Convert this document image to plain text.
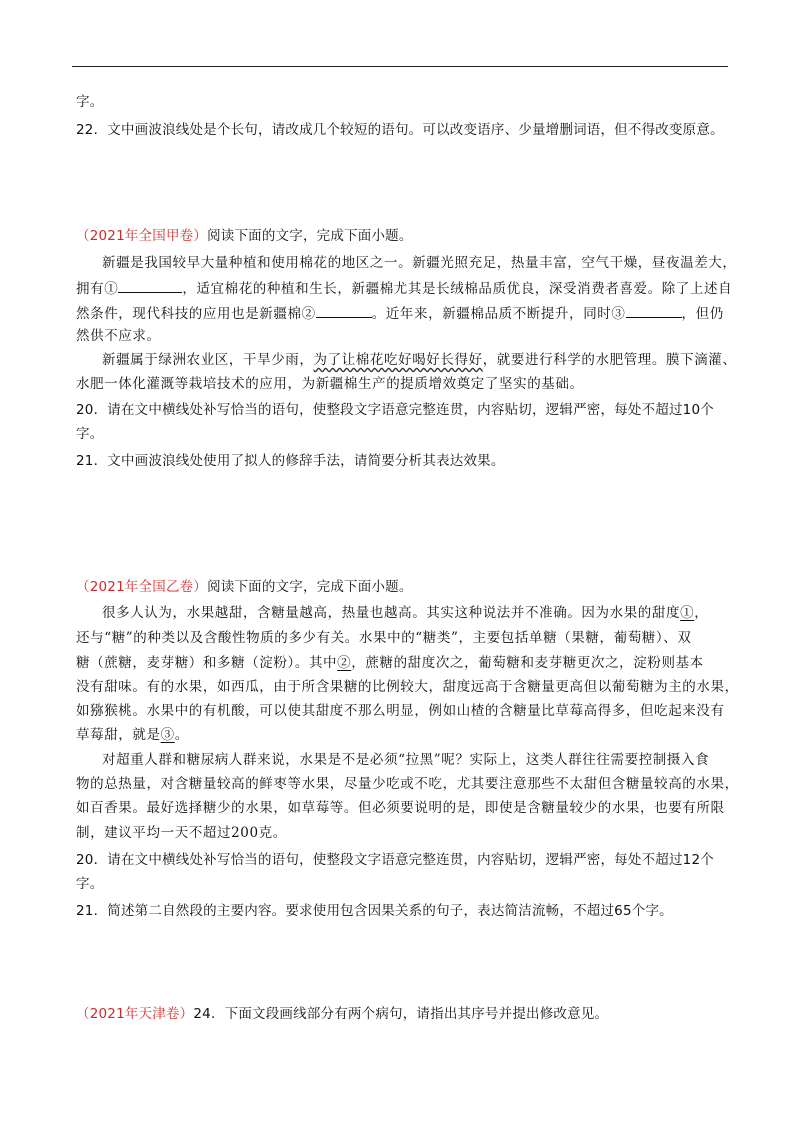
字。
22．文中画波浪线处是个长句，请改成几个较短的语句。可以改变语序、少量增删词语，但不得改变原意。
（2021年全国甲卷）阅读下面的文字，完成下面小题。
新疆是我国较早大量种植和使用棉花的地区之一。新疆光照充足，热量丰富，空气干燥，昼夜温差大，
拥有①	，适宜棉花的种植和生长，新疆棉尤其是长绒棉品质优良，深受消费者喜爱。除了上述自
然条件，现代科技的应用也是新疆棉②	。近年来，新疆棉品质不断提升，同时③	，但仍
然供不应求。
新疆属于绿洲农业区，干旱少雨，为了让棉花吃好喝好长得好，就要进行科学的水肥管理。膜下滴灌、
水肥一体化灌溉等栽培技术的应用，为新疆棉生产的提质增效奠定了坚实的基础。
20．请在文中横线处补写恰当的语句，使整段文字语意完整连贯，内容贴切，逻辑严密，每处不超过10个
字。
21．文中画波浪线处使用了拟人的修辞手法，请简要分析其表达效果。
（2021年全国乙卷）阅读下面的文字，完成下面小题。
很多人认为，水果越甜，含糖量越高，热量也越高。其实这种说法并不准确。因为水果的甜度①，
还与“糖”的种类以及含酸性物质的多少有关。水果中的“糖类”，主要包括单糖（果糖，葡萄糖）、双
糖（蔗糖，麦芽糖）和多糖（淀粉）。其中②，蔗糖的甜度次之，葡萄糖和麦芽糖更次之，淀粉则基本
没有甜味。有的水果，如西瓜，由于所含果糖的比例较大，甜度远高于含糖量更高但以葡萄糖为主的水果，
如猕猴桃。水果中的有机酸，可以使其甜度不那么明显，例如山楂的含糖量比草莓高得多，但吃起来没有
草莓甜，就是③。
对超重人群和糖尿病人群来说，水果是不是必须“拉黑”呢？实际上，这类人群往往需要控制摄入食
物的总热量，对含糖量较高的鲜枣等水果，尽量少吃或不吃，尤其要注意那些不太甜但含糖量较高的水果，
如百香果。最好选择糖少的水果，如草莓等。但必须要说明的是，即使是含糖量较少的水果，也要有所限
制，建议平均一天不超过200克。
20．请在文中横线处补写恰当的语句，使整段文字语意完整连贯，内容贴切，逻辑严密，每处不超过12个
字。
21．简述第二自然段的主要内容。要求使用包含因果关系的句子，表达简洁流畅，不超过65个字。
（2021年天津卷）24．下面文段画线部分有两个病句，请指出其序号并提出修改意见。
